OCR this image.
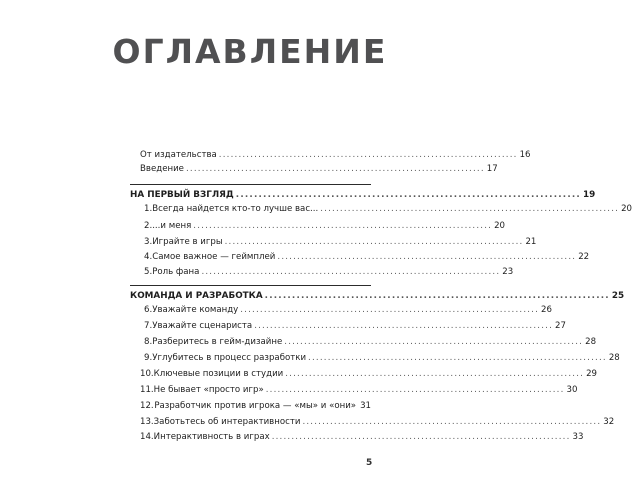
ОГЛАВЛЕНИЕ
От издательства ............................................................................ 16
Введение ............................................................................ 17
НА ПЕРВЫЙ ВЗГЛЯД ............................................................................ 19
1. Всегда найдется кто-то лучше вас... ............................................................................ 20
2. ...и меня ............................................................................ 20
3. Играйте в игры ............................................................................ 21
4. Самое важное — геймплей ............................................................................ 22
5. Роль фана ............................................................................ 23
КОМАНДА И РАЗРАБОТКА ............................................................................ 25
6. Уважайте команду ............................................................................ 26
7. Уважайте сценариста ............................................................................ 27
8. Разберитесь в гейм-дизайне ............................................................................ 28
9. Углубитесь в процесс разработки ............................................................................ 28
10. Ключевые позиции в студии ............................................................................ 29
11. Не бывает «просто игр» ............................................................................ 30
12. Разработчик против игрока — «мы» и «они» 31
13. Заботьтесь об интерактивности ............................................................................ 32
14. Интерактивность в играх ............................................................................ 33
5
